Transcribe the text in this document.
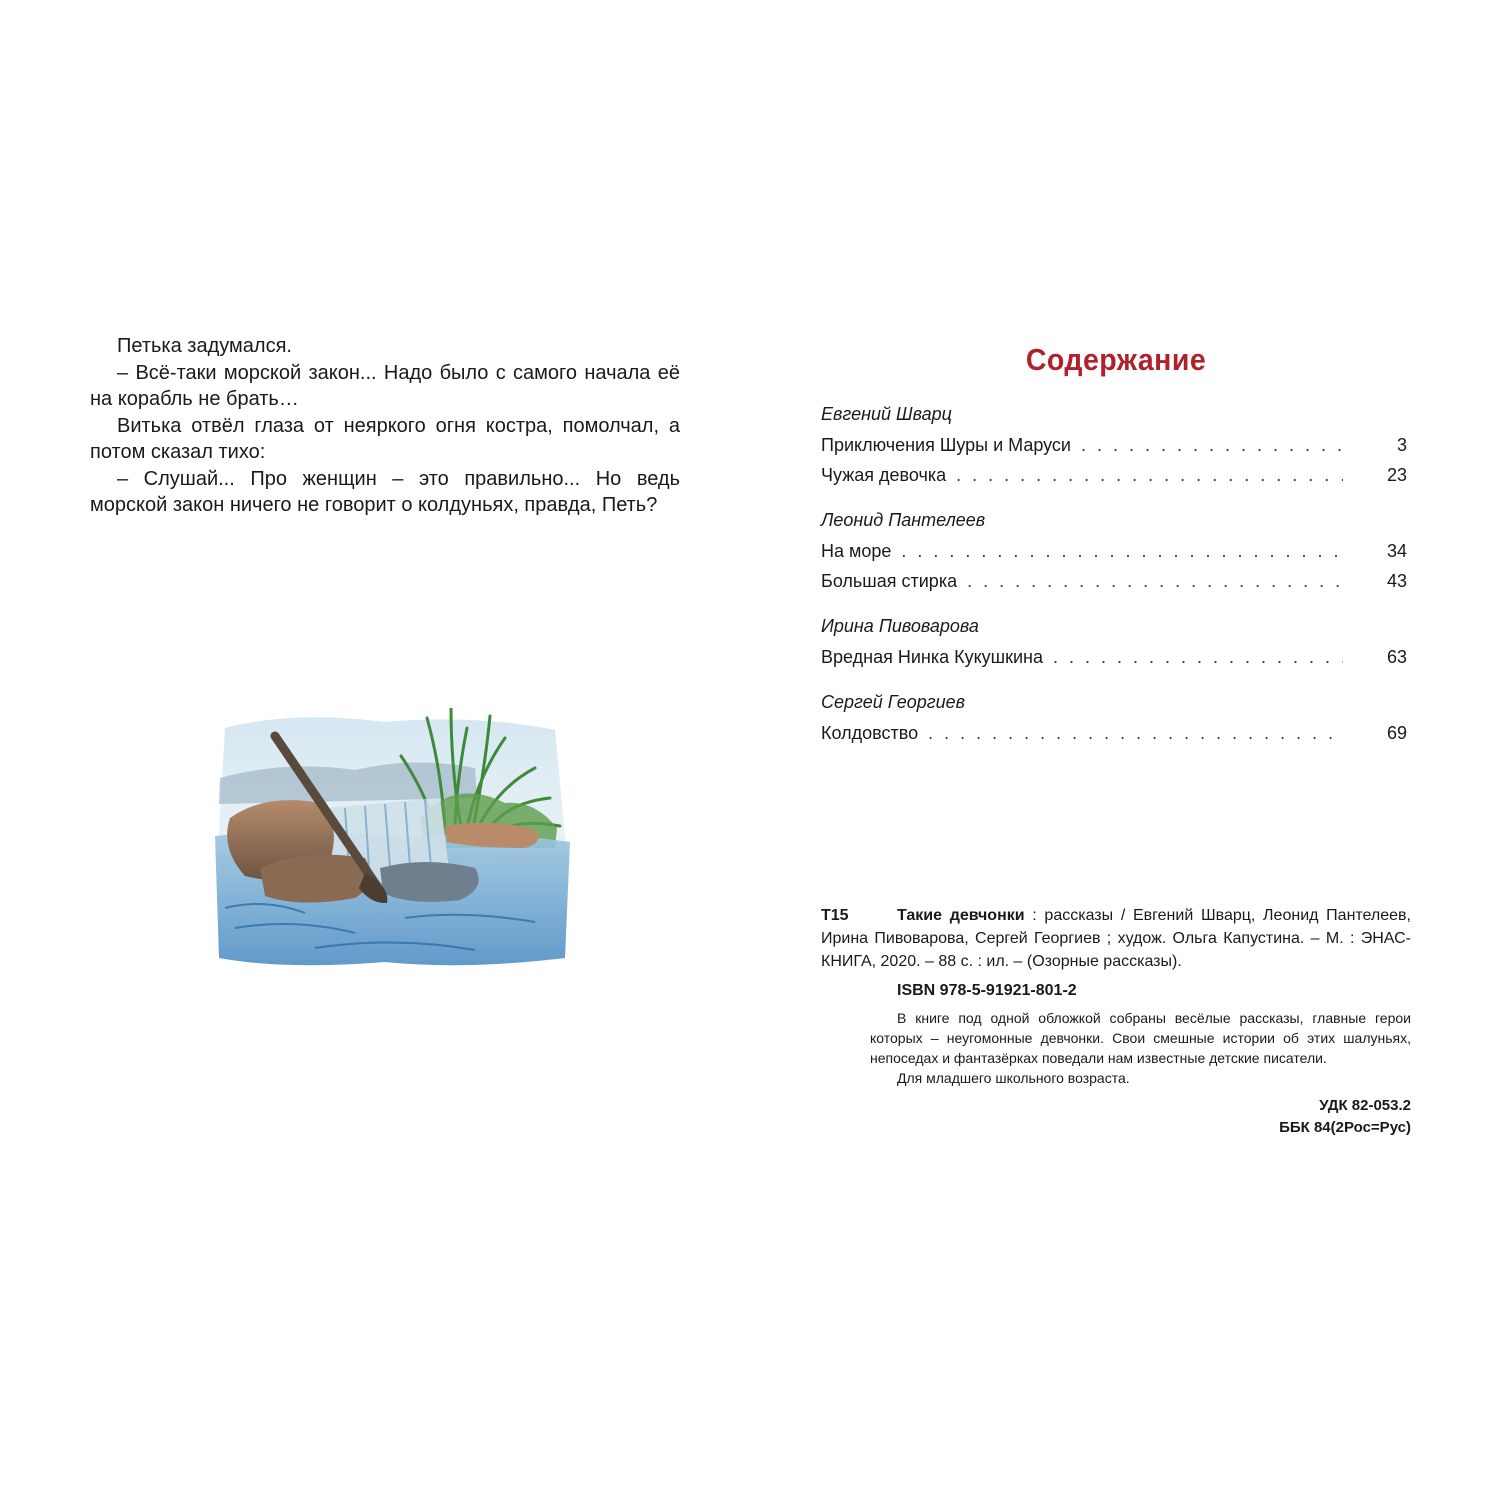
Петька задумался.

– Всё-таки морской закон... Надо было с самого начала её на корабль не брать…

Витька отвёл глаза от неяркого огня костра, помолчал, а потом сказал тихо:

– Слушай... Про женщин – это правильно... Но ведь морской закон ничего не говорит о колдуньях, правда, Петь?

Содержание
Евгений Шварц
Приключения Шуры и Маруси . . .	3
Чужая девочка . . .	23
Леонид Пантелеев
На море . . .	34
Большая стирка . . .	43
Ирина Пивоварова
Вредная Нинка Кукушкина . . .	63
Сергей Георгиев
Колдовство . . .	69
Т15	Такие девчонки : рассказы / Евгений Шварц, Леонид Пантелеев, Ирина Пивоварова, Сергей Георгиев ; худож. Ольга Капустина. – М. : ЭНАС-КНИГА, 2020. – 88 с. : ил. – (Озорные рассказы).

ISBN 978-5-91921-801-2

В книге под одной обложкой собраны весёлые рассказы, главные герои которых – неугомонные девчонки. Свои смешные истории об этих шалуньях, непоседах и фантазёрках поведали нам известные детские писатели.

Для младшего школьного возраста.

УДК 82-053.2
ББК 84(2Рос=Рус)
